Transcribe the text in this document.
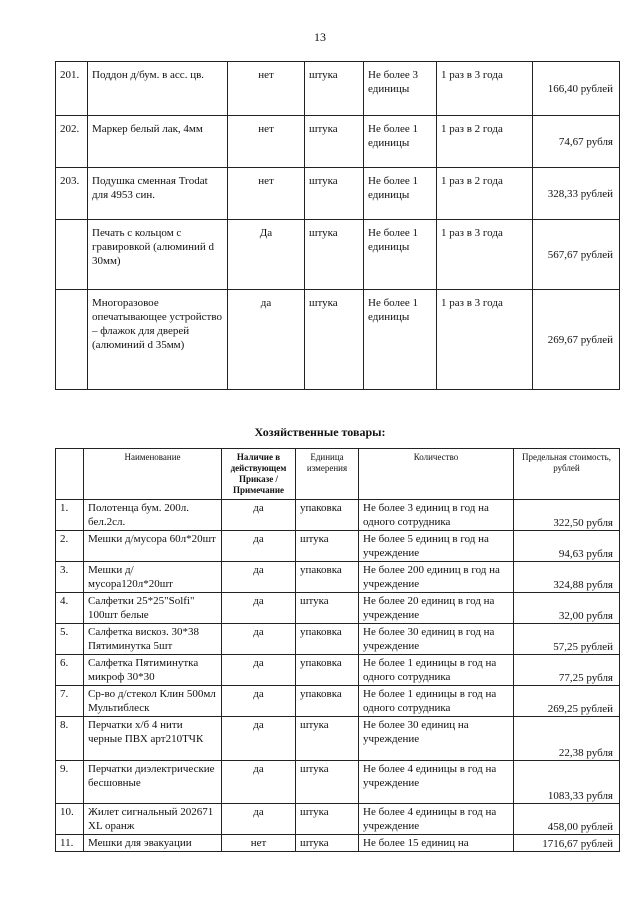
13
201.	Поддон д/бум. в асс. цв.	нет	штука	Не более 3 единицы	1 раз в 3 года	166,40 рублей
202.	Маркер белый лак, 4мм	нет	штука	Не более 1 единицы	1 раз в 2 года	74,67 рубля
203.	Подушка сменная Trodat для 4953 син.	нет	штука	Не более 1 единицы	1 раз в 2 года	328,33 рублей
	Печать с кольцом с гравировкой (алюминий d 30мм)	Да	штука	Не более 1 единицы	1 раз в 3 года	567,67 рублей
	Многоразовое опечатывающее устройство – флажок для дверей (алюминий d 35мм)	да	штука	Не более 1 единицы	1 раз в 3 года	269,67 рублей
Хозяйственные товары:
	Наименование	Наличие в действующем Приказе / Примечание	Единица измерения	Количество	Предельная стоимость, рублей
1.	Полотенца бум. 200л. бел.2сл.	да	упаковка	Не более 3 единиц в год на одного сотрудника	322,50 рубля
2.	Мешки д/мусора 60л*20шт	да	штука	Не более 5 единиц в год на учреждение	94,63 рубля
3.	Мешки д/мусора120л*20шт	да	упаковка	Не более 200 единиц в год на учреждение	324,88 рубля
4.	Салфетки 25*25"Solfi" 100шт белые	да	штука	Не более 20 единиц в год на учреждение	32,00 рубля
5.	Салфетка вискоз. 30*38 Пятиминутка 5шт	да	упаковка	Не более 30 единиц в год на учреждение	57,25 рублей
6.	Салфетка Пятиминутка микроф 30*30	да	упаковка	Не более 1 единицы в год на одного сотрудника	77,25 рубля
7.	Ср-во д/стекол Клин 500мл Мультиблеск	да	упаковка	Не более 1 единицы в год на одного сотрудника	269,25 рублей
8.	Перчатки х/б 4 нити черные ПВХ арт210ТЧК	да	штука	Не более 30 единиц на учреждение	22,38 рубля
9.	Перчатки диэлектрические бесшовные	да	штука	Не более 4 единицы в год на учреждение	1083,33 рубля
10.	Жилет сигнальный 202671 XL оранж	да	штука	Не более 4 единицы в год на учреждение	458,00 рублей
11.	Мешки для эвакуации	нет	штука	Не более 15 единиц на	1716,67 рублей
